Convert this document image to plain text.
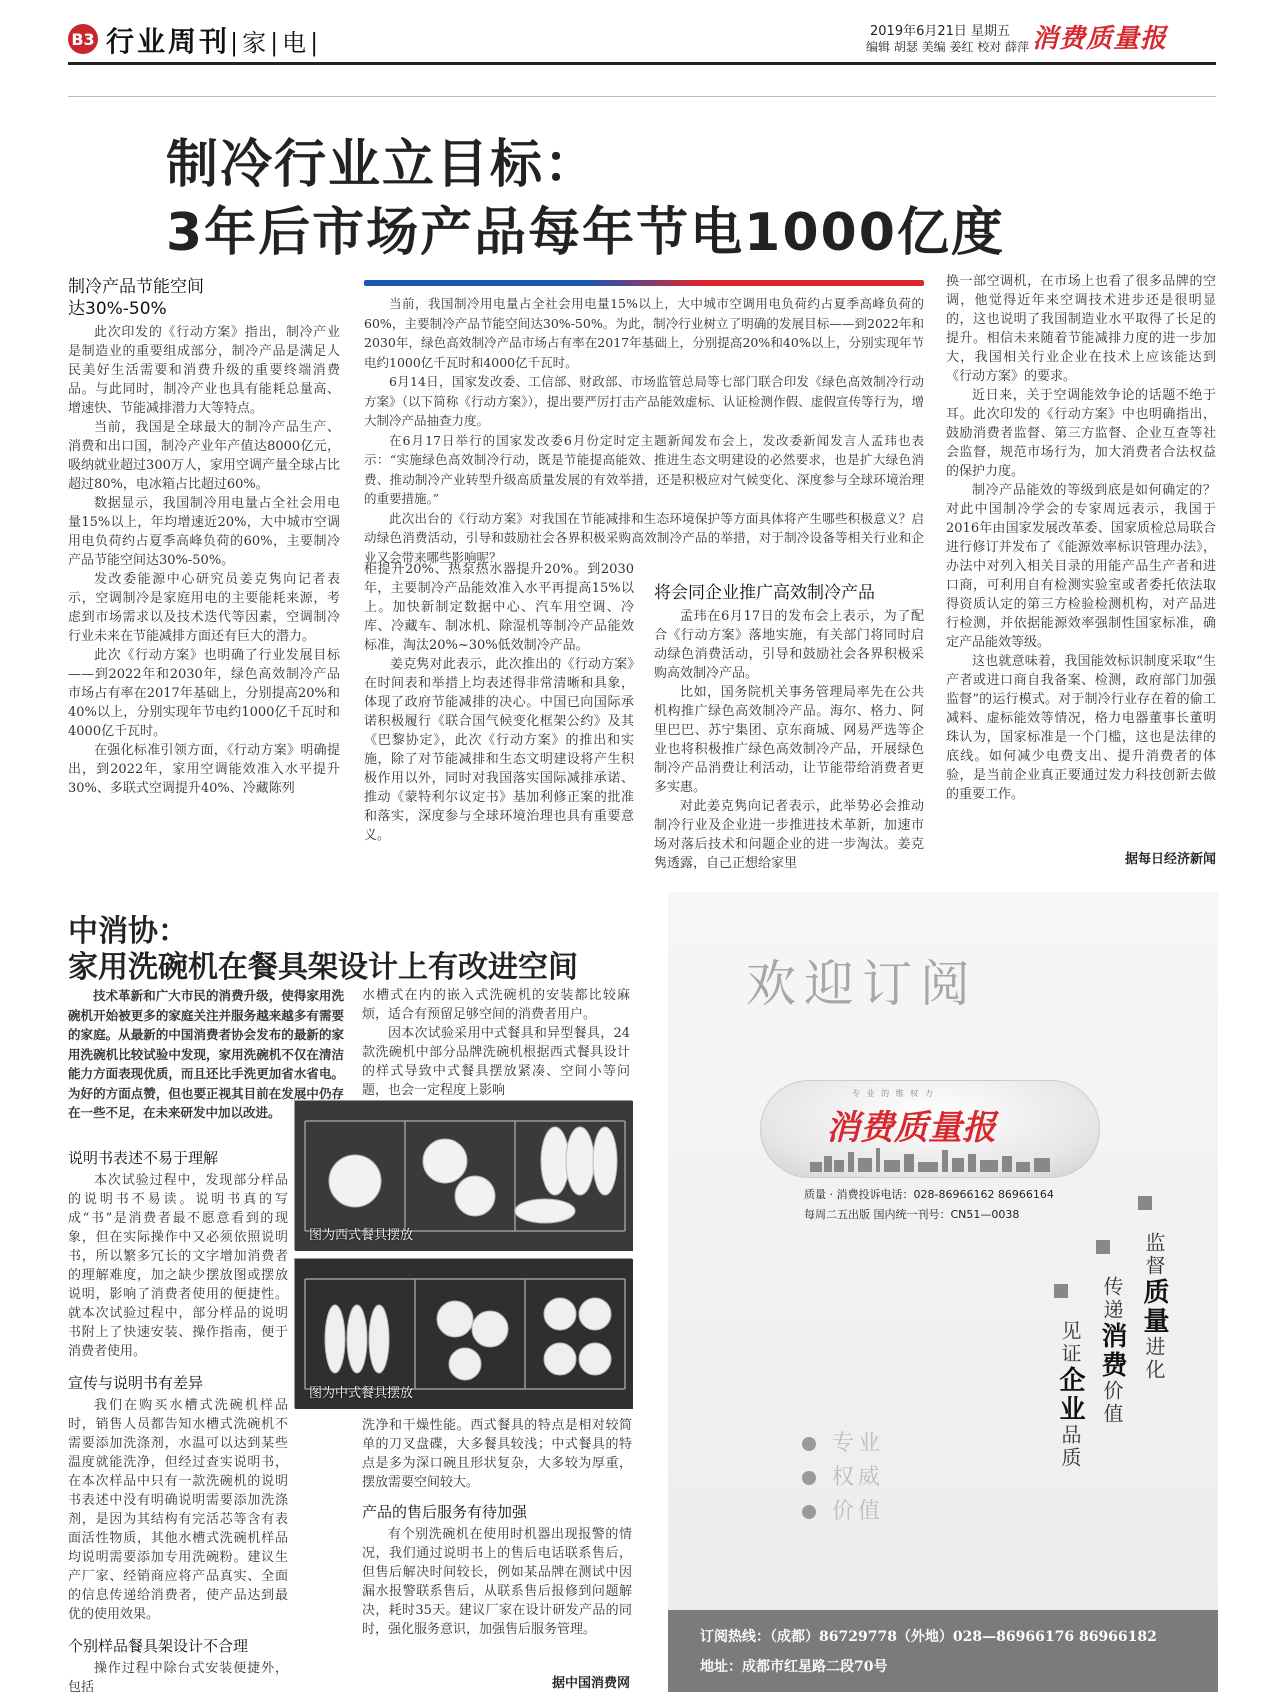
B3 行业周刊|家|电|	2019年6月21日 星期五
编辑 胡瑟 美编 姜红 校对 薛萍 消费质量报
制冷行业立目标：
3年后市场产品每年节电1000亿度
制冷产品节能空间
达30%-50%

此次印发的《行动方案》指出，制冷产业是制造业的重要组成部分，制冷产品是满足人民美好生活需要和消费升级的重要终端消费品。与此同时，制冷产业也具有能耗总量高、增速快、节能减排潜力大等特点。

当前，我国是全球最大的制冷产品生产、消费和出口国，制冷产业年产值达8000亿元，吸纳就业超过300万人，家用空调产量全球占比超过80%，电冰箱占比超过60%。

数据显示，我国制冷用电量占全社会用电量15%以上，年均增速近20%，大中城市空调用电负荷约占夏季高峰负荷的60%，主要制冷产品节能空间达30%-50%。

发改委能源中心研究员姜克隽向记者表示，空调制冷是家庭用电的主要能耗来源，考虑到市场需求以及技术迭代等因素，空调制冷行业未来在节能减排方面还有巨大的潜力。

此次《行动方案》也明确了行业发展目标——到2022年和2030年，绿色高效制冷产品市场占有率在2017年基础上，分别提高20%和40%以上，分别实现年节电约1000亿千瓦时和4000亿千瓦时。

在强化标准引领方面，《行动方案》明确提出，到2022年，家用空调能效准入水平提升30%、多联式空调提升40%、冷藏陈列

当前，我国制冷用电量占全社会用电量15%以上，大中城市空调用电负荷约占夏季高峰负荷的60%，主要制冷产品节能空间达30%-50%。为此，制冷行业树立了明确的发展目标——到2022年和2030年，绿色高效制冷产品市场占有率在2017年基础上，分别提高20%和40%以上，分别实现年节电约1000亿千瓦时和4000亿千瓦时。

6月14日，国家发改委、工信部、财政部、市场监管总局等七部门联合印发《绿色高效制冷行动方案》（以下简称《行动方案》），提出要严厉打击产品能效虚标、认证检测作假、虚假宣传等行为，增大制冷产品抽查力度。

在6月17日举行的国家发改委6月份定时定主题新闻发布会上，发改委新闻发言人孟玮也表示：“实施绿色高效制冷行动，既是节能提高能效、推进生态文明建设的必然要求，也是扩大绿色消费、推动制冷产业转型升级高质量发展的有效举措，还是积极应对气候变化、深度参与全球环境治理的重要措施。”

此次出台的《行动方案》对我国在节能减排和生态环境保护等方面具体将产生哪些积极意义？启动绿色消费活动，引导和鼓励社会各界积极采购高效制冷产品的举措，对于制冷设备等相关行业和企业又会带来哪些影响呢？

柜提升20%、热泵热水器提升20%。到2030年，主要制冷产品能效准入水平再提高15%以上。加快新制定数据中心、汽车用空调、冷库、冷藏车、制冰机、除湿机等制冷产品能效标准，淘汰20%~30%低效制冷产品。

姜克隽对此表示，此次推出的《行动方案》在时间表和举措上均表述得非常清晰和具象，体现了政府节能减排的决心。中国已向国际承诺积极履行《联合国气候变化框架公约》及其《巴黎协定》，此次《行动方案》的推出和实施，除了对节能减排和生态文明建设将产生积极作用以外，同时对我国落实国际减排承诺、推动《蒙特利尔议定书》基加利修正案的批准和落实，深度参与全球环境治理也具有重要意义。

将会同企业推广高效制冷产品

孟玮在6月17日的发布会上表示，为了配合《行动方案》落地实施，有关部门将同时启动绿色消费活动，引导和鼓励社会各界积极采购高效制冷产品。

比如，国务院机关事务管理局率先在公共机构推广绿色高效制冷产品。海尔、格力、阿里巴巴、苏宁集团、京东商城、网易严选等企业也将积极推广绿色高效制冷产品，开展绿色制冷产品消费让利活动，让节能带给消费者更多实惠。

对此姜克隽向记者表示，此举势必会推动制冷行业及企业进一步推进技术革新，加速市场对落后技术和问题企业的进一步淘汰。姜克隽透露，自己正想给家里

换一部空调机，在市场上也看了很多品牌的空调，他觉得近年来空调技术进步还是很明显的，这也说明了我国制造业水平取得了长足的提升。相信未来随着节能减排力度的进一步加大，我国相关行业企业在技术上应该能达到《行动方案》的要求。

近日来，关于空调能效争论的话题不绝于耳。此次印发的《行动方案》中也明确指出，鼓励消费者监督、第三方监督、企业互查等社会监督，规范市场行为，加大消费者合法权益的保护力度。

制冷产品能效的等级到底是如何确定的？对此中国制冷学会的专家周远表示，我国于2016年由国家发展改革委、国家质检总局联合进行修订并发布了《能源效率标识管理办法》，办法中对列入相关目录的用能产品生产者和进口商，可利用自有检测实验室或者委托依法取得资质认定的第三方检验检测机构，对产品进行检测，并依据能源效率强制性国家标准，确定产品能效等级。

这也就意味着，我国能效标识制度采取“生产者或进口商自我备案、检测，政府部门加强监督”的运行模式。对于制冷行业存在着的偷工减料、虚标能效等情况，格力电器董事长董明珠认为，国家标准是一个门槛，这也是法律的底线。如何减少电费支出、提升消费者的体验，是当前企业真正要通过发力科技创新去做的重要工作。

据每日经济新闻
中消协：
家用洗碗机在餐具架设计上有改进空间

技术革新和广大市民的消费升级，使得家用洗碗机开始被更多的家庭关注并服务越来越多有需要的家庭。从最新的中国消费者协会发布的最新的家用洗碗机比较试验中发现，家用洗碗机不仅在清洁能力方面表现优质，而且还比手洗更加省水省电。为好的方面点赞，但也要正视其目前在发展中仍存在一些不足，在未来研发中加以改进。

水槽式在内的嵌入式洗碗机的安装都比较麻烦，适合有预留足够空间的消费者用户。

因本次试验采用中式餐具和异型餐具，24款洗碗机中部分品牌洗碗机根据西式餐具设计的样式导致中式餐具摆放紧凑、空间小等问题，也会一定程度上影响

说明书表述不易于理解

本次试验过程中，发现部分样品的说明书不易读。说明书真的写成“书”是消费者最不愿意看到的现象，但在实际操作中又必须依照说明书，所以繁多冗长的文字增加消费者的理解难度，加之缺少摆放图或摆放说明，影响了消费者使用的便捷性。就本次试验过程中，部分样品的说明书附上了快速安装、操作指南，便于消费者使用。

宣传与说明书有差异

我们在购买水槽式洗碗机样品时，销售人员都告知水槽式洗碗机不需要添加洗涤剂，水温可以达到某些温度就能洗净，但经过查实说明书，在本次样品中只有一款洗碗机的说明书表述中没有明确说明需要添加洗涤剂，是因为其结构有完活芯等含有表面活性物质，其他水槽式洗碗机样品均说明需要添加专用洗碗粉。建议生产厂家、经销商应将产品真实、全面的信息传递给消费者，使产品达到最优的使用效果。

个别样品餐具架设计不合理

操作过程中除台式安装便捷外，包括

图为西式餐具摆放
图为中式餐具摆放

洗净和干燥性能。西式餐具的特点是相对较简单的刀叉盘碟，大多餐具较浅；中式餐具的特点是多为深口碗且形状复杂，大多较为厚重，摆放需要空间较大。

产品的售后服务有待加强

有个别洗碗机在使用时机器出现报警的情况，我们通过说明书上的售后电话联系售后，但售后解决时间较长，例如某品牌在测试中因漏水报警联系售后，从联系售后报修到问题解决，耗时35天。建议厂家在设计研发产品的同时，强化服务意识，加强售后服务管理。

据中国消费网
欢迎订阅
专 业 的 维 权 力
消费质量报
质量 · 消费投诉电话：028-86966162 86966164
每周二五出版 国内统一刊号：CN51—0038
监督质量进化
传递消费价值
见证企业品质
专业
权威
价值
订阅热线：（成都）86729778（外地）028—86966176 86966182
地址：成都市红星路二段70号
